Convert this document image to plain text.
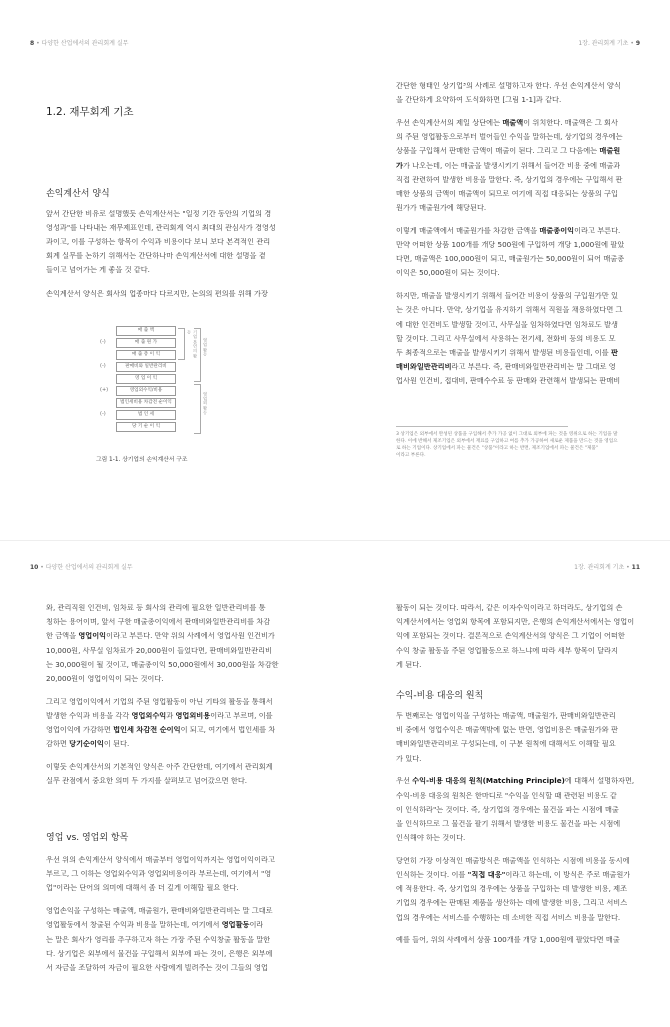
8 • 다양한 산업에서의 관리회계 실무	1장. 관리회계 기초 • 9
1.2. 재무회계 기초
손익계산서 양식
앞서 간단한 비유로 설명했듯 손익계산서는 "일정 기간 동안의 기업의 경
영성과"를 나타내는 재무제표인데, 관리회계 역시 최대의 관심사가 경영성
과이고, 이를 구성하는 항목이 수익과 비용이다 보니 보다 본격적인 관리
회계 실무를 논하기 위해서는 간단하나마 손익계산서에 대한 설명을 곁
들이고 넘어가는 게 좋을 것 같다.
손익계산서 양식은 회사의 업종마다 다르지만, 논의의 편의를 위해 가장
매 출 액
(-)	매 출 원 가
매 출 총 이 익
(-)	판매비와 일반관리비
영 업 이 익
(+)	영업외수익/비용
법인세비용 차감전 순이익
(-)	법 인 세
당 기 순 이 익
기업 본연의 활동
영업 활동
영업외 활동
그림 1-1. 상기업의 손익계산서 구조
간단한 형태인 상기업³의 사례로 설명하고자 한다. 우선 손익계산서 양식
을 간단하게 요약하여 도식화하면 [그림 1-1]과 같다.
우선 손익계산서의 제일 상단에는 매출액이 위치한다. 매출액은 그 회사
의 주된 영업활동으로부터 벌어들인 수익을 말하는데, 상기업의 경우에는
상품을 구입해서 판매한 금액이 매출이 된다. 그리고 그 다음에는 매출원
가가 나오는데, 이는 매출을 발생시키기 위해서 들어간 비용 중에 매출과
직접 관련하여 발생한 비용을 말한다. 즉, 상기업의 경우에는 구입해서 판
매한 상품의 금액이 매출액이 되므로 여기에 직접 대응되는 상품의 구입
원가가 매출원가에 해당된다.
이렇게 매출액에서 매출원가를 차감한 금액을 매출총이익이라고 부른다.
만약 어떠한 상품 100개를 개당 500원에 구입하여 개당 1,000원에 팔았
다면, 매출액은 100,000원이 되고, 매출원가는 50,000원이 되어 매출총
이익은 50,000원이 되는 것이다.
하지만, 매출을 발생시키기 위해서 들어간 비용이 상품의 구입원가만 있
는 것은 아니다. 만약, 상기업을 유지하기 위해서 직원을 채용하였다면 그
에 대한 인건비도 발생할 것이고, 사무실을 임차하였다면 임차료도 발생
할 것이다. 그리고 사무실에서 사용하는 전기세, 전화비 등의 비용도 모
두 최종적으로는 매출을 발생시키기 위해서 발생된 비용들인데, 이를 판
매비와일반관리비라고 부른다. 즉, 판매비와일반관리비는 말 그대로 영
업사원 인건비, 접대비, 판매수수료 등 판매와 관련해서 발생되는 판매비
3 상기업은 외부에서 완성된 상품을 구입해서 추가 가공 없이 그대로 외부에 파는 것을 영위으로 하는 기업을 말
한다. 이에 반해서 제조기업은 외부에서 재료를 구입하고 여를 추가 가공하여 새로운 제품을 만드는 것을 영업으
로 하는 기업이다. 상기업에서 파는 물건은 "상품"이라고 하는 반면, 제조기업에서 파는 물건은 "제품"
이라고 부른다.
10 • 다양한 산업에서의 관리회계 실무	1장. 관리회계 기초 • 11
와, 관리직원 인건비, 임차료 등 회사의 관리에 필요한 일반관리비를 통
칭하는 용어이며, 앞서 구한 매출총이익에서 판매비와일반관리비를 차감
한 금액을 영업이익이라고 부른다. 만약 위의 사례에서 영업사원 인건비가
10,000원, 사무실 임차료가 20,000원이 들었다면, 판매비와일반관리비
는 30,000원이 될 것이고, 매출총이익 50,000원에서 30,000원을 차감한
20,000원이 영업이익이 되는 것이다.
그리고 영업이익에서 기업의 주된 영업활동이 아닌 기타의 활동을 통해서
발생한 수익과 비용을 각각 영업외수익과 영업외비용이라고 부르며, 이를
영업이익에 가감하면 법인세 차감전 순이익이 되고, 여기에서 법인세를 차
감하면 당기순이익이 된다.
이렇듯 손익계산서의 기본적인 양식은 아주 간단한데, 여기에서 관리회계
실무 관점에서 중요한 의미 두 가지를 살펴보고 넘어갔으면 한다.
영업 vs. 영업외 항목
우선 위의 손익계산서 양식에서 매출부터 영업이익까지는 영업이익이라고
부르고, 그 이하는 영업외수익과 영업외비용이라 부르는데, 여기에서 "영
업"이라는 단어의 의미에 대해서 좀 더 깊게 이해할 필요 한다.
영업손익을 구성하는 매출액, 매출원가, 판매비와일반관리비는 말 그대로
영업활동에서 창출된 수익과 비용을 말하는데, 여기에서 영업활동이라
는 말은 회사가 영리를 추구하고자 하는 가장 주된 수익창출 활동을 말한
다. 상기업은 외부에서 물건을 구입해서 외부에 파는 것이, 은행은 외부에
서 자금을 조달하여 자금이 필요한 사람에게 빌려주는 것이 그들의 영업
활동이 되는 것이다. 따라서, 같은 이자수익이라고 하더라도, 상기업의 손
익계산서에서는 영업외 항목에 포함되지만, 은행의 손익계산서에서는 영업이
익에 포함되는 것이다. 결론적으로 손익계산서의 양식은 그 기업이 어떠한
수익 창출 활동을 주된 영업활동으로 하느냐에 따라 세부 항목이 달라지
게 된다.
수익-비용 대응의 원칙
두 번째로는 영업이익을 구성하는 매출액, 매출원가, 판매비와일반관리
비 중에서 영업수익은 매출액밖에 없는 반면, 영업비용은 매출원가와 판
매비와일반관리비로 구성되는데, 이 구분 원칙에 대해서도 이해할 필요
가 있다.
우선 수익-비용 대응의 원칙(Matching Principle)에 대해서 설명하자면,
수익-비용 대응의 원칙은 한마디로 "수익을 인식할 때 관련된 비용도 같
이 인식하라"는 것이다. 즉, 상기업의 경우에는 물건을 파는 시점에 매출
을 인식하므로 그 물건을 팔기 위해서 발생한 비용도 물건을 파는 시점에
인식해야 하는 것이다.
당연히 가장 이상적인 매출방식은 매출액을 인식하는 시점에 비용을 동시에
인식하는 것이다. 이를 "직접 대응"이라고 하는데, 이 방식은 주로 매출원가
에 적용한다. 즉, 상기업의 경우에는 상품을 구입하는 데 발생한 비용, 제조
기업의 경우에는 판매된 제품을 생산하는 데에 발생한 비용, 그리고 서비스
업의 경우에는 서비스를 수행하는 데 소비한 직접 서비스 비용을 말한다.
예를 들어, 위의 사례에서 상품 100개를 개당 1,000원에 팔았다면 매출
